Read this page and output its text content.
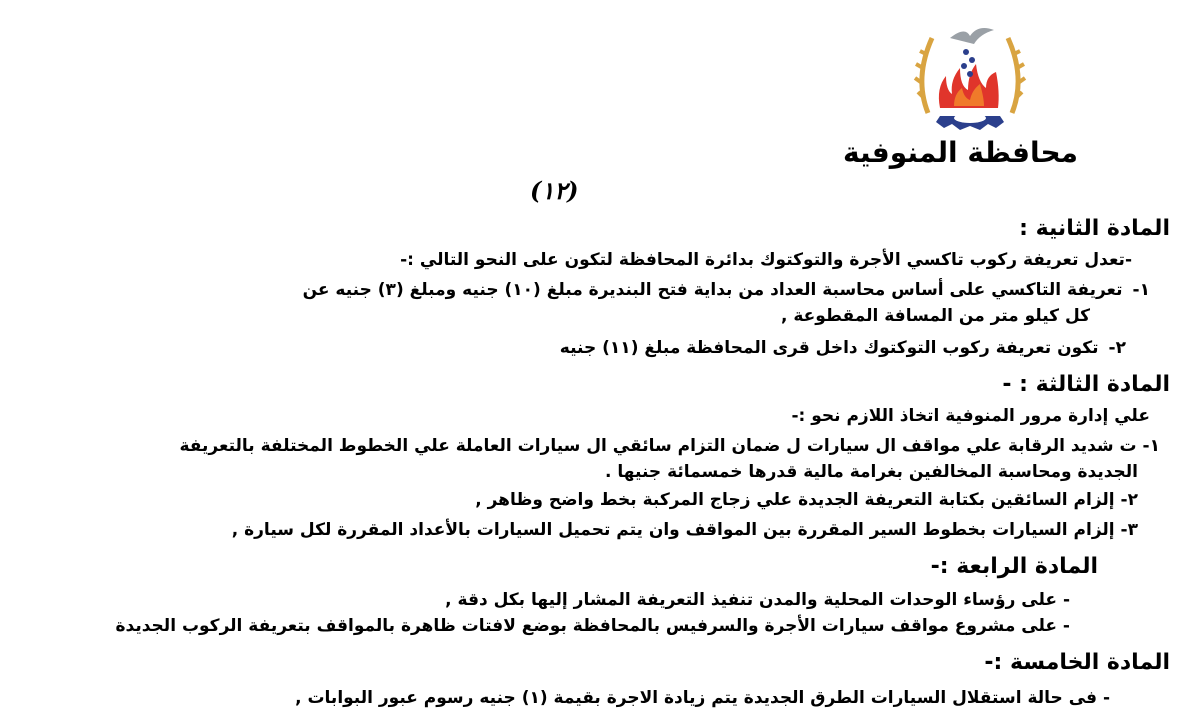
محافظة المنوفية
(١٢)
المادة الثانية :
-تعدل تعريفة ركوب تاكسي الأجرة والتوكتوك بدائرة المحافظة لتكون على النحو التالي :-
١-تعريفة التاكسي على أساس محاسبة العداد من بداية فتح البنديرة مبلغ (١٠) جنيه ومبلغ (٣) جنيه عن
كل كيلو متر من المسافة المقطوعة ,
٢-تكون تعريفة ركوب التوكتوك داخل قرى المحافظة مبلغ (١١) جنيه
المادة الثالثة : -
علي إدارة مرور المنوفية اتخاذ اللازم نحو :-
١- ت شديد الرقابة علي مواقف ال سيارات ل ضمان التزام سائقي ال سيارات العاملة علي الخطوط المختلفة بالتعريفة
الجديدة ومحاسبة المخالفين بغرامة مالية قدرها خمسمائة جنيها .
٢- إلزام السائقين بكتابة التعريفة الجديدة علي زجاج المركبة بخط واضح وظاهر ,
٣- إلزام السيارات بخطوط السير المقررة بين المواقف وان يتم تحميل السيارات بالأعداد المقررة لكل سيارة ,
المادة الرابعة :-
- على رؤساء الوحدات المحلية والمدن تنفيذ التعريفة المشار إليها بكل دقة ,
- على مشروع مواقف سيارات الأجرة والسرفيس بالمحافظة بوضع لافتات ظاهرة بالمواقف بتعريفة الركوب الجديدة
المادة الخامسة :-
- فى حالة استقلال السيارات الطرق الجديدة يتم زيادة الاجرة بقيمة (١) جنيه رسوم عبور البوابات ,
